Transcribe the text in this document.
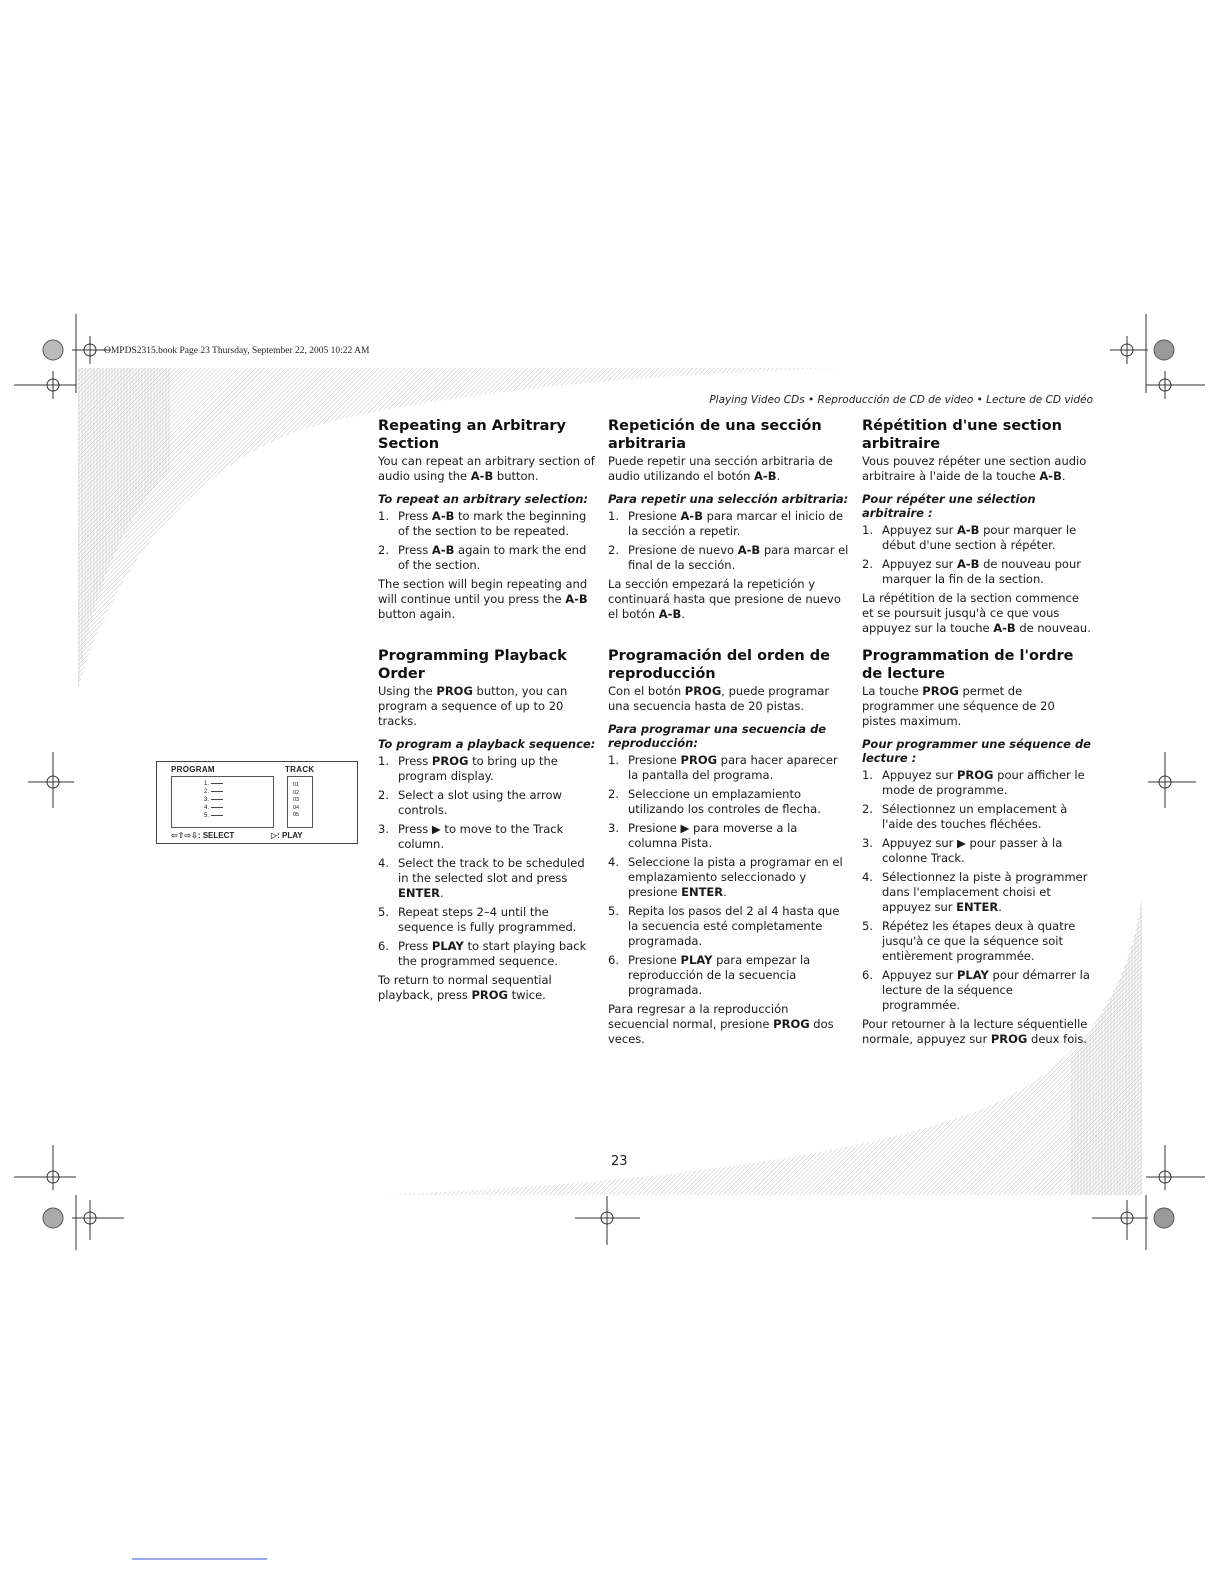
OMPDS2315.book Page 23 Thursday, September 22, 2005 10:22 AM
Playing Video CDs • Reproducción de CD de video • Lecture de CD vidéo
PROGRAM	TRACK
1.
2.
3.
4.
5.
01
02
03
04
05
⇦⇧⇨⇩: SELECT	▷: PLAY
Repeating an Arbitrary Section

You can repeat an arbitrary section of audio using the A-B button.

To repeat an arbitrary selection:
1. Press A-B to mark the beginning of the section to be repeated.
2. Press A-B again to mark the end of the section.

The section will begin repeating and will continue until you press the A-B button again.

Programming Playback Order

Using the PROG button, you can program a sequence of up to 20 tracks.

To program a playback sequence:
1. Press PROG to bring up the program display.
2. Select a slot using the arrow controls.
3. Press ▶ to move to the Track column.
4. Select the track to be scheduled in the selected slot and press ENTER.
5. Repeat steps 2–4 until the sequence is fully programmed.
6. Press PLAY to start playing back the programmed sequence.

To return to normal sequential playback, press PROG twice.

Repetición de una sección arbitraria

Puede repetir una sección arbitraria de audio utilizando el botón A-B.

Para repetir una selección arbitraria:
1. Presione A-B para marcar el inicio de la sección a repetir.
2. Presione de nuevo A-B para marcar el final de la sección.

La sección empezará la repetición y continuará hasta que presione de nuevo el botón A-B.

Programación del orden de reproducción

Con el botón PROG, puede programar una secuencia hasta de 20 pistas.

Para programar una secuencia de reproducción:
1. Presione PROG para hacer aparecer la pantalla del programa.
2. Seleccione un emplazamiento utilizando los controles de flecha.
3. Presione ▶ para moverse a la columna Pista.
4. Seleccione la pista a programar en el emplazamiento seleccionado y presione ENTER.
5. Repita los pasos del 2 al 4 hasta que la secuencia esté completamente programada.
6. Presione PLAY para empezar la reproducción de la secuencia programada.

Para regresar a la reproducción secuencial normal, presione PROG dos veces.

Répétition d'une section arbitraire

Vous pouvez répéter une section audio arbitraire à l'aide de la touche A-B.

Pour répéter une sélection arbitraire :
1. Appuyez sur A-B pour marquer le début d'une section à répéter.
2. Appuyez sur A-B de nouveau pour marquer la fin de la section.

La répétition de la section commence et se poursuit jusqu'à ce que vous appuyez sur la touche A-B de nouveau.

Programmation de l'ordre de lecture

La touche PROG permet de programmer une séquence de 20 pistes maximum.

Pour programmer une séquence de lecture :
1. Appuyez sur PROG pour afficher le mode de programme.
2. Sélectionnez un emplacement à l'aide des touches fléchées.
3. Appuyez sur ▶ pour passer à la colonne Track.
4. Sélectionnez la piste à programmer dans l'emplacement choisi et appuyez sur ENTER.
5. Répétez les étapes deux à quatre jusqu'à ce que la séquence soit entièrement programmée.
6. Appuyez sur PLAY pour démarrer la lecture de la séquence programmée.

Pour retourner à la lecture séquentielle normale, appuyez sur PROG deux fois.

23
